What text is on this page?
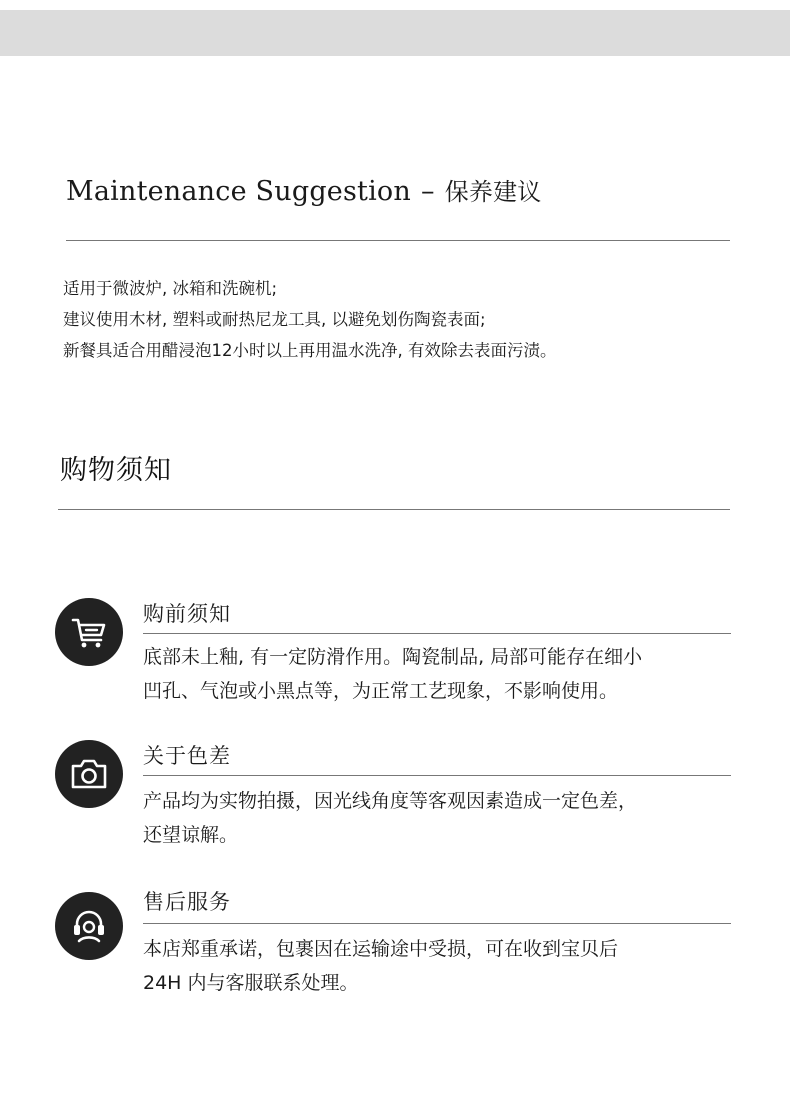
Maintenance Suggestion – 保养建议
适用于微波炉, 冰箱和洗碗机;
建议使用木材, 塑料或耐热尼龙工具, 以避免划伤陶瓷表面;
新餐具适合用醋浸泡12小时以上再用温水洗净, 有效除去表面污渍。
购物须知
购前须知
底部未上釉, 有一定防滑作用。陶瓷制品, 局部可能存在细小
凹孔、气泡或小黑点等，为正常工艺现象，不影响使用。
关于色差
产品均为实物拍摄，因光线角度等客观因素造成一定色差，
还望谅解。
售后服务
本店郑重承诺，包裹因在运输途中受损，可在收到宝贝后
24H 内与客服联系处理。
